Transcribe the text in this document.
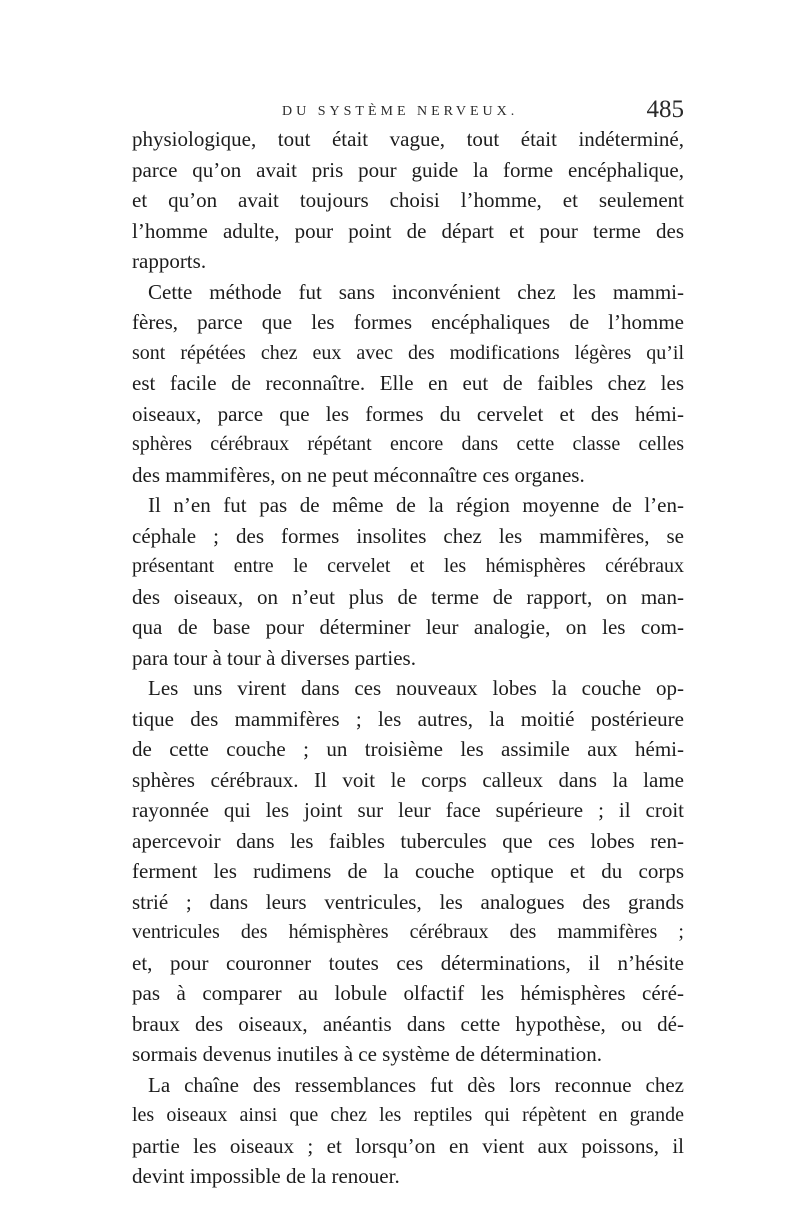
DU SYSTÈME NERVEUX.	485
physiologique, tout était vague, tout était indéterminé,
parce qu’on avait pris pour guide la forme encéphalique,
et qu’on avait toujours choisi l’homme, et seulement
l’homme adulte, pour point de départ et pour terme des
rapports.
Cette méthode fut sans inconvénient chez les mammi-
fères, parce que les formes encéphaliques de l’homme
sont répétées chez eux avec des modifications légères qu’il
est facile de reconnaître. Elle en eut de faibles chez les
oiseaux, parce que les formes du cervelet et des hémi-
sphères cérébraux répétant encore dans cette classe celles
des mammifères, on ne peut méconnaître ces organes.
Il n’en fut pas de même de la région moyenne de l’en-
céphale ; des formes insolites chez les mammifères, se
présentant entre le cervelet et les hémisphères cérébraux
des oiseaux, on n’eut plus de terme de rapport, on man-
qua de base pour déterminer leur analogie, on les com-
para tour à tour à diverses parties.
Les uns virent dans ces nouveaux lobes la couche op-
tique des mammifères ; les autres, la moitié postérieure
de cette couche ; un troisième les assimile aux hémi-
sphères cérébraux. Il voit le corps calleux dans la lame
rayonnée qui les joint sur leur face supérieure ; il croit
apercevoir dans les faibles tubercules que ces lobes ren-
ferment les rudimens de la couche optique et du corps
strié ; dans leurs ventricules, les analogues des grands
ventricules des hémisphères cérébraux des mammifères ;
et, pour couronner toutes ces déterminations, il n’hésite
pas à comparer au lobule olfactif les hémisphères céré-
braux des oiseaux, anéantis dans cette hypothèse, ou dé-
sormais devenus inutiles à ce système de détermination.
La chaîne des ressemblances fut dès lors reconnue chez
les oiseaux ainsi que chez les reptiles qui répètent en grande
partie les oiseaux ; et lorsqu’on en vient aux poissons, il
devint impossible de la renouer.
